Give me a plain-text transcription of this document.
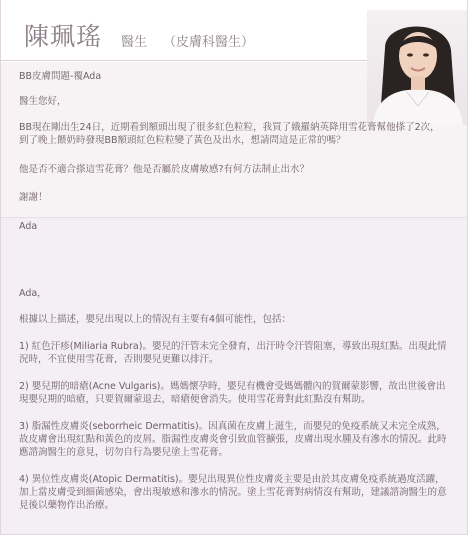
陳珮瑤 醫生 （皮膚科醫生）
BB皮膚問題-覆Ada
醫生您好，
BB現在剛出生24日，近期看到額頭出現了很多紅色粒粒，我買了娥羅納英降用雪花膏幫他搽了2次，到了晚上餵奶時發現BB額頭紅色粒粒變了黃色及出水，想請問這是正常的嗎？
他是否不適合搽這雪花膏？他是否屬於皮膚敏感?有何方法制止出水？
謝謝！
Ada
Ada，
根據以上描述，嬰兒出現以上的情況有主要有4個可能性，包括：
1) 紅色汗疹(Miliaria Rubra)。嬰兒的汗管未完全發育，出汗時令汗管阻塞，導致出現紅點。出現此情況時，不宜使用雪花膏，否則嬰兒更難以排汗。
2) 嬰兒期的暗瘡(Acne Vulgaris)。媽媽懷孕時，嬰兒有機會受媽媽體內的賀爾蒙影響，故出世後會出現嬰兒期的暗瘡，只要賀爾蒙退去，暗瘡便會消失。使用雪花膏對此紅點沒有幫助。
3) 脂漏性皮膚炎(seborrheic Dermatitis)。因真菌在皮膚上滋生，而嬰兒的免疫系統又未完全成熟，故皮膚會出現紅點和黃色的皮屑。脂漏性皮膚炎會引致血管擴張，皮膚出現水腫及有滲水的情況。此時應諮詢醫生的意見，切勿自行為嬰兒塗上雪花膏。
4) 異位性皮膚炎(Atopic Dermatitis)。嬰兒出現異位性皮膚炎主要是由於其皮膚免疫系統過度活躍，加上當皮膚受到細菌感染，會出現敏感和滲水的情況。塗上雪花膏對病情沒有幫助，建議諮詢醫生的意見後以藥物作出治療。
